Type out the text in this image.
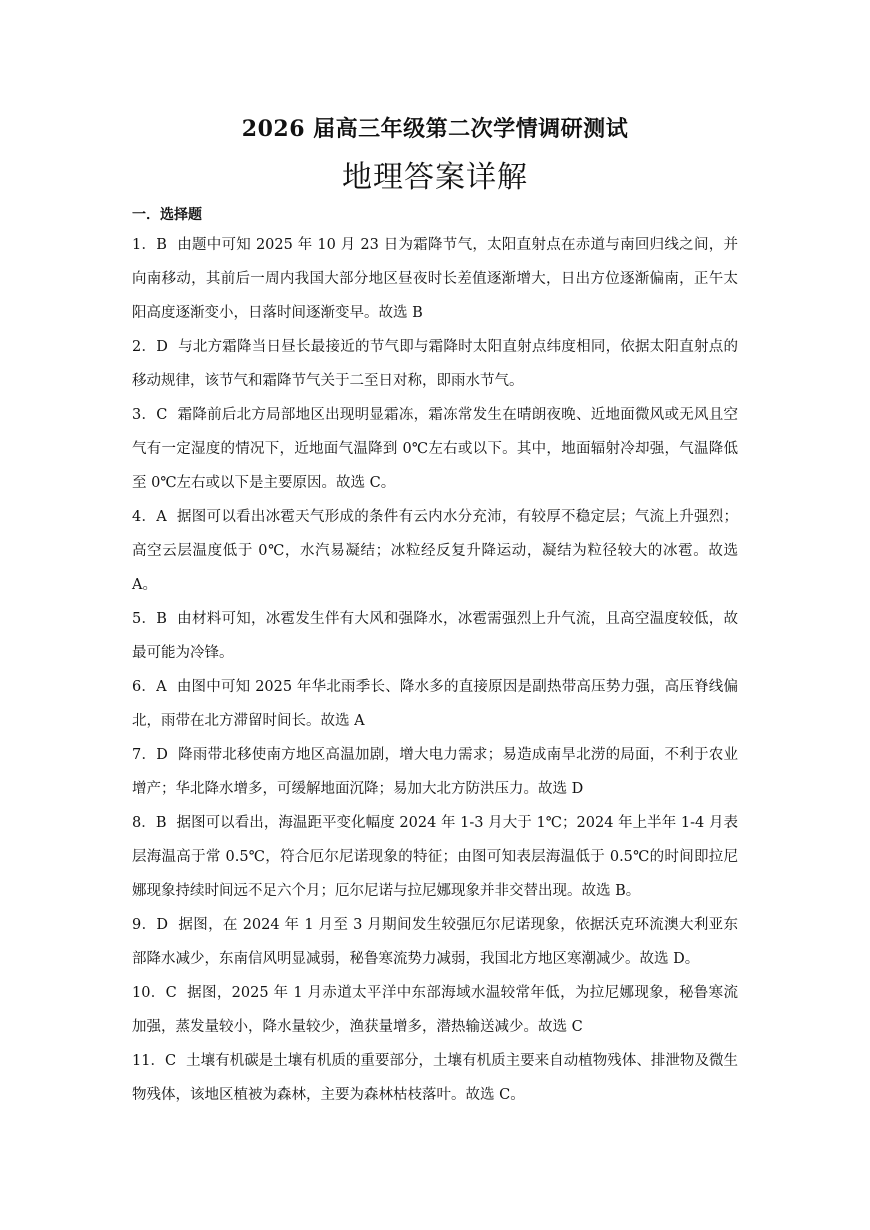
2026 届高三年级第二次学情调研测试
地理答案详解
一．选择题

1．B 由题中可知 2025 年 10 月 23 日为霜降节气，太阳直射点在赤道与南回归线之间，并向南移动，其前后一周内我国大部分地区昼夜时长差值逐渐增大，日出方位逐渐偏南，正午太阳高度逐渐变小，日落时间逐渐变早。故选 B

2．D 与北方霜降当日昼长最接近的节气即与霜降时太阳直射点纬度相同，依据太阳直射点的移动规律，该节气和霜降节气关于二至日对称，即雨水节气。

3．C 霜降前后北方局部地区出现明显霜冻，霜冻常发生在晴朗夜晚、近地面微风或无风且空气有一定湿度的情况下，近地面气温降到 0℃左右或以下。其中，地面辐射冷却强，气温降低至 0℃左右或以下是主要原因。故选 C。

4．A 据图可以看出冰雹天气形成的条件有云内水分充沛，有较厚不稳定层；气流上升强烈；高空云层温度低于 0℃，水汽易凝结；冰粒经反复升降运动，凝结为粒径较大的冰雹。故选 A。

5．B 由材料可知，冰雹发生伴有大风和强降水，冰雹需强烈上升气流，且高空温度较低，故最可能为冷锋。

6．A 由图中可知 2025 年华北雨季长、降水多的直接原因是副热带高压势力强，高压脊线偏北，雨带在北方滞留时间长。故选 A

7．D 降雨带北移使南方地区高温加剧，增大电力需求；易造成南旱北涝的局面，不利于农业增产；华北降水增多，可缓解地面沉降；易加大北方防洪压力。故选 D

8．B 据图可以看出，海温距平变化幅度 2024 年 1-3 月大于 1℃；2024 年上半年 1-4 月表层海温高于常 0.5℃，符合厄尔尼诺现象的特征；由图可知表层海温低于 0.5℃的时间即拉尼娜现象持续时间远不足六个月；厄尔尼诺与拉尼娜现象并非交替出现。故选 B。

9．D 据图，在 2024 年 1 月至 3 月期间发生较强厄尔尼诺现象，依据沃克环流澳大利亚东部降水减少，东南信风明显减弱，秘鲁寒流势力减弱，我国北方地区寒潮减少。故选 D。

10．C 据图，2025 年 1 月赤道太平洋中东部海域水温较常年低，为拉尼娜现象，秘鲁寒流加强，蒸发量较小，降水量较少，渔获量增多，潜热输送减少。故选 C

11．C 土壤有机碳是土壤有机质的重要部分，土壤有机质主要来自动植物残体、排泄物及微生物残体，该地区植被为森林，主要为森林枯枝落叶。故选 C。
